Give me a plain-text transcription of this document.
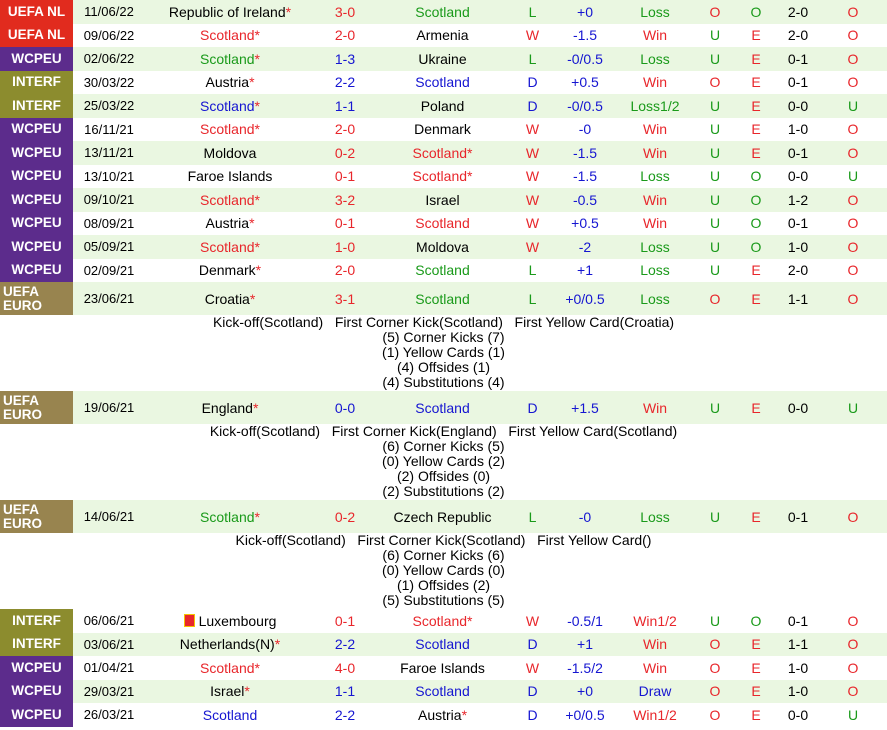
UEFA NL	11/06/22	Republic of Ireland*	3-0	Scotland	L	+0	Loss	O	O	2-0	O
UEFA NL	09/06/22	Scotland*	2-0	Armenia	W	-1.5	Win	U	E	2-0	O
WCPEU	02/06/22	Scotland*	1-3	Ukraine	L	-0/0.5	Loss	U	E	0-1	O
INTERF	30/03/22	Austria*	2-2	Scotland	D	+0.5	Win	O	E	0-1	O
INTERF	25/03/22	Scotland*	1-1	Poland	D	-0/0.5	Loss1/2	U	E	0-0	U
WCPEU	16/11/21	Scotland*	2-0	Denmark	W	-0	Win	U	E	1-0	O
WCPEU	13/11/21	Moldova	0-2	Scotland*	W	-1.5	Win	U	E	0-1	O
WCPEU	13/10/21	Faroe Islands	0-1	Scotland*	W	-1.5	Loss	U	O	0-0	U
WCPEU	09/10/21	Scotland*	3-2	Israel	W	-0.5	Win	U	O	1-2	O
WCPEU	08/09/21	Austria*	0-1	Scotland	W	+0.5	Win	U	O	0-1	O
WCPEU	05/09/21	Scotland*	1-0	Moldova	W	-2	Loss	U	O	1-0	O
WCPEU	02/09/21	Denmark*	2-0	Scotland	L	+1	Loss	U	E	2-0	O
UEFA EURO	23/06/21	Croatia*	3-1	Scotland	L	+0/0.5	Loss	O	E	1-1	O

Kick-off(Scotland)   First Corner Kick(Scotland)   First Yellow Card(Croatia)
(5) Corner Kicks (7)
(1) Yellow Cards (1)
(4) Offsides (1)
(4) Substitutions (4)											

UEFA EURO	19/06/21	England*	0-0	Scotland	D	+1.5	Win	U	E	0-0	U

Kick-off(Scotland)   First Corner Kick(England)   First Yellow Card(Scotland)
(6) Corner Kicks (5)
(0) Yellow Cards (2)
(2) Offsides (0)
(2) Substitutions (2)											

UEFA EURO	14/06/21	Scotland*	0-2	Czech Republic	L	-0	Loss	U	E	0-1	O

Kick-off(Scotland)   First Corner Kick(Scotland)   First Yellow Card()
(6) Corner Kicks (6)
(0) Yellow Cards (0)
(1) Offsides (2)
(5) Substitutions (5)											

INTERF	06/06/21	Luxembourg	0-1	Scotland*	W	-0.5/1	Win1/2	U	O	0-1	O
INTERF	03/06/21	Netherlands(N)*	2-2	Scotland	D	+1	Win	O	E	1-1	O
WCPEU	01/04/21	Scotland*	4-0	Faroe Islands	W	-1.5/2	Win	O	E	1-0	O
WCPEU	29/03/21	Israel*	1-1	Scotland	D	+0	Draw	O	E	1-0	O
WCPEU	26/03/21	Scotland	2-2	Austria*	D	+0/0.5	Win1/2	O	E	0-0	U
